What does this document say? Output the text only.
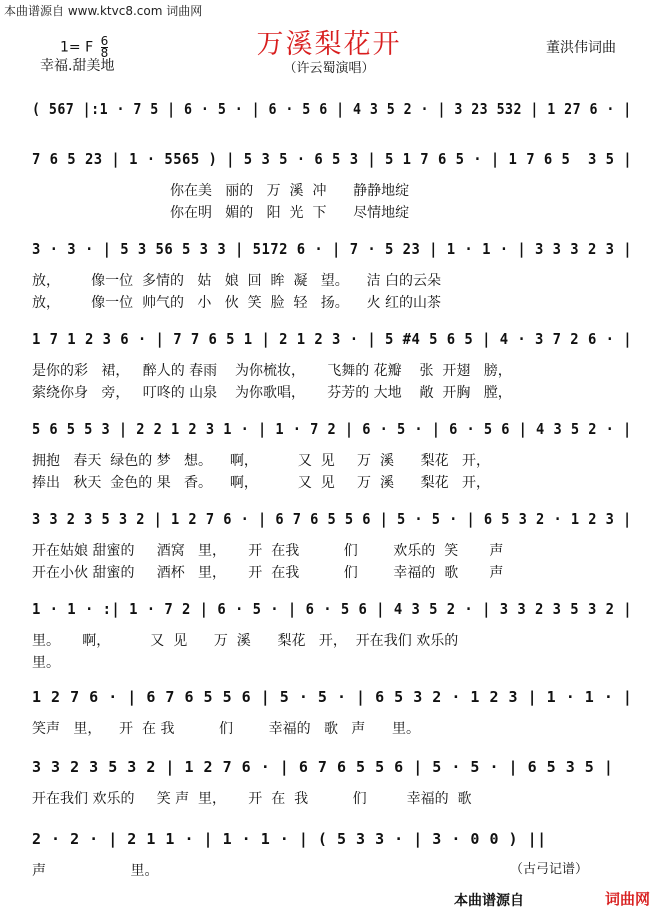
本曲谱源自 www.ktvc8.com 词曲网
万溪梨花开
1= F $\frac{6}{8}$
幸福.甜美地	（许云蜀演唱）
董洪伟词曲
( 567 |:1 · 7 5 | 6 · 5 · | 6 · 5 6 | 4 3 5 2 · | 3 23 532 | 1 27 6 · |
7 6 5 23 | 1 · 5565 ) | 5 3 5 · 6 5 3 | 5 1 7 6 5 · | 1 7 6 5  3 5 |
你在美   丽的   万  溪  冲      静静地绽
你在明   媚的   阳  光  下      尽情地绽
3 · 3 · | 5 3 56 5 3 3 | 5172 6 · | 7 · 5 23 | 1 · 1 · | 3 3 3 2 3 |
放，       像一位  多情的   姑   娘  回  眸  凝   望。    洁 白的云朵
放，       像一位  帅气的   小   伙  笑  脸  轻   扬。    火 红的山茶
1 7 1 2 3 6 · | 7 7 6 5 1 | 2 1 2 3 · | 5 #4 5 6 5 | 4 · 3 7 2 6 · |
是你的彩   裙，   醉人的 春雨    为你梳妆，     飞舞的 花瓣    张  开翅   膀，
萦绕你身   旁，   叮咚的 山泉    为你歌唱，     芬芳的 大地    敞  开胸   膛，
5 6 5 5 3 | 2 2 1 2 3 1 · | 1 · 7 2 | 6 · 5 · | 6 · 5 6 | 4 3 5 2 · |
拥抱   春天  绿色的 梦   想。    啊，         又  见     万  溪      梨花   开，
捧出   秋天  金色的 果   香。    啊，         又  见     万  溪      梨花   开，
3 3 2 3 5 3 2 | 1 2 7 6 · | 6 7 6 5 5 6 | 5 · 5 · | 6 5 3 2 · 1 2 3 |
开在姑娘 甜蜜的     酒窝   里，     开  在我          们        欢乐的  笑       声
开在小伙 甜蜜的     酒杯   里，     开  在我          们        幸福的  歌       声
1 · 1 · :| 1 · 7 2 | 6 · 5 · | 6 · 5 6 | 4 3 5 2 · | 3 3 2 3 5 3 2 |
里。     啊，         又  见      万  溪      梨花   开，  开在我们 欢乐的
里。
1 2 7 6 · | 6 7 6 5 5 6 | 5 · 5 · | 6 5 3 2 · 1 2 3 | 1 · 1 · |
笑声   里，    开  在 我          们        幸福的   歌   声      里。
3 3 2 3 5 3 2 | 1 2 7 6 · | 6 7 6 5 5 6 | 5 · 5 · | 6 5 3 5 |
开在我们 欢乐的     笑 声  里，     开  在  我          们         幸福的  歌
2 · 2 · | 2 1 1 · | 1 · 1 · | ( 5 3 3 · | 3 · 0 0 ) ||
声                   里。	（古弓记谱）
本曲谱源自	词曲网
